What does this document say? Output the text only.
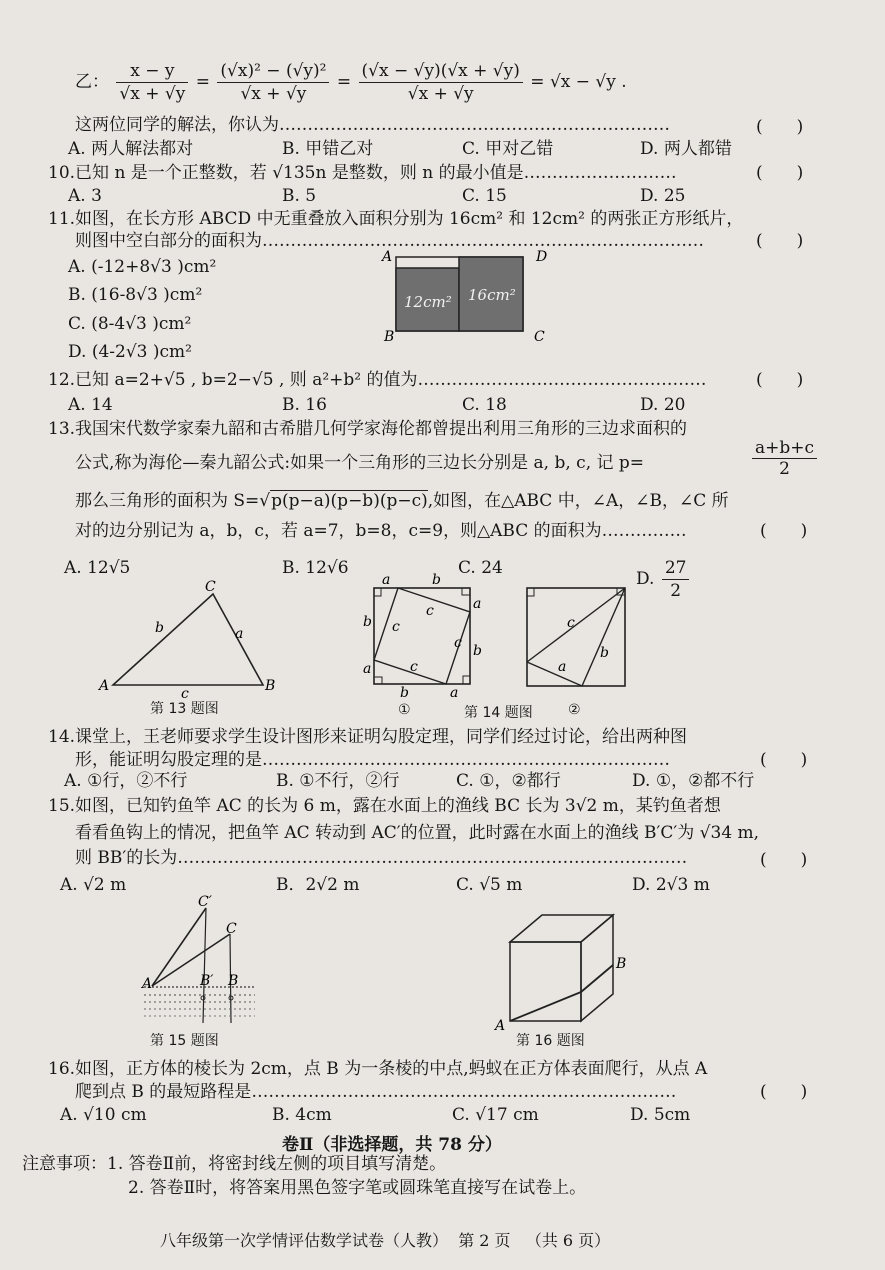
乙： $\frac{x - y}{√x + √y} = \frac{\text{(√x)² − (√y)²}}{√x + √y} = \frac{(√x - √y)(√x + √y)}{√x + √y} = √x - √y$ .
这两位同学的解法，你认为……………………………………………………………	(　　)
A. 两人解法都对	B. 甲错乙对	C. 甲对乙错	D. 两人都错
10.已知 n 是一个正整数，若 √135n 是整数，则 n 的最小值是………………………	(　　)
A. 3	B. 5	C. 15	D. 25
11.如图，在长方形 ABCD 中无重叠放入面积分别为 16cm² 和 12cm² 的两张正方形纸片，
则图中空白部分的面积为……………………………………………………………………	(　　)
A. (-12+8√3 )cm²
B. (16-8√3 )cm²
C. (8-4√3 )cm²
D. (4-2√3 )cm²
A	D
B	C
12cm² 16cm²
12.已知 a=2+√5 , b=2−√5 , 则 a²+b² 的值为……………………………………………	(　　)
A. 14	B. 16	C. 18	D. 20
13.我国宋代数学家秦九韶和古希腊几何学家海伦都曾提出利用三角形的三边求面积的
公式,称为海伦—秦九韶公式:如果一个三角形的三边长分别是 a, b, c, 记 p=	$\frac{a+b+c}{2}$
那么三角形的面积为 S=√p(p−a)(p−b)(p−c),如图，在△ABC 中，∠A，∠B，∠C 所
对的边分别记为 a，b，c，若 a=7，b=8，c=9，则△ABC 的面积为……………	(　　)
A. 12√5	B. 12√6	C. 24
D. $\frac{27}{2}$
A
C
B
a
b
c
第 13 题图
a	b
a
b
b
a
b	a
c
c
c
c
c
a
b
①	第 14 题图	②
14.课堂上，王老师要求学生设计图形来证明勾股定理，同学们经过讨论，给出两种图
形，能证明勾股定理的是………………………………………………………………	(　　)
A. ①行，②不行	B. ①不行，②行	C. ①，②都行	D. ①，②都不行
15.如图，已知钓鱼竿 AC 的长为 6 m，露在水面上的渔线 BC 长为 3√2 m，某钓鱼者想
看看鱼钩上的情况，把鱼竿 AC 转动到 AC′的位置，此时露在水面上的渔线 B′C′为 √34 m,
则 BB′的长为………………………………………………………………………………	(　　)
A. √2 m	B．2√2 m	C. √5 m	D. 2√3 m
A
C′
C
B′ B
第 15 题图
A
B
第 16 题图
16.如图，正方体的棱长为 2cm，点 B 为一条棱的中点,蚂蚁在正方体表面爬行，从点 A
爬到点 B 的最短路程是…………………………………………………………………	(　　)
A. √10 cm	B. 4cm	C. √17 cm	D. 5cm
卷Ⅱ（非选择题，共 78 分）
注意事项：1. 答卷Ⅱ前，将密封线左侧的项目填写清楚。
2. 答卷Ⅱ时，将答案用黑色签字笔或圆珠笔直接写在试卷上。
八年级第一次学情评估数学试卷（人教） 第 2 页 （共 6 页）
